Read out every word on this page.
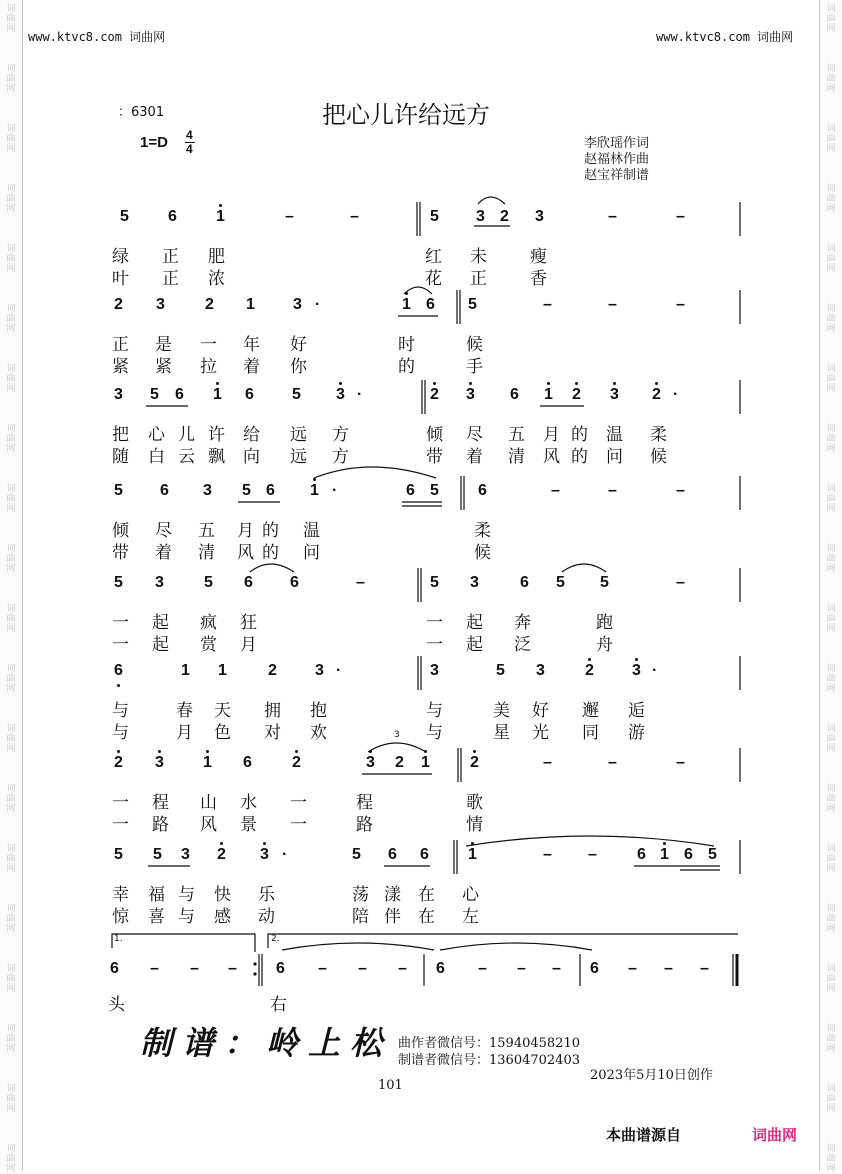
词
曲
网
词
曲
网
词
曲
网
词
曲
网
词
曲
网
词
曲
网
词
曲
网
词
曲
网
词
曲
网
词
曲
网
词
曲
网
词
曲
网
词
曲
网
词
曲
网
词
曲
网
词
曲
网
词
曲
网
词
曲
网
词
曲
网
词
曲
网
词
曲
网
词
曲
网
词
曲
网
词
曲
网
词
曲
网
词
曲
网
词
曲
网
词
曲
网
词
曲
网
词
曲
网
词
曲
网
词
曲
网
词
曲
网
词
曲
网
词
曲
网
词
曲
网
词
曲
网
词
曲
网
词
曲
网
词
曲
网
www.ktvc8.com 词曲网	www.ktvc8.com 词曲网
：6301	把心儿许给远方
1=D 4
4	李欣瑶作词
赵福林作曲
赵宝祥制谱
5 6 1	–	–	5 3 2 3	–	–
绿 正 肥	红 未	瘦
叶 正 浓	花 正	香
2 3	2 1 3 ·	1 6 5	–	–	–
正 是 一 年 好	时	候
紧 紧 拉 着 你	的	手
3 5 6 1 6 5 3 ·	2 3 6 1 2 3 2 ·
把 心 儿 许 给 远 方	倾 尽 五 月 的 温 柔
随 白 云 飘 向 远 方	带 着 清 风 的 问 候
5 6 3 5 6 1 ·	6 5 6	–	–	–
倾 尽 五 月 的 温	柔
带 着 清 风 的 问	候
5 3	5 6 6	–	5 3	6 5 5	–
一 起 疯 狂	一 起 奔	跑
一 起 赏 月	一 起 泛	舟
6	1 1	2 3 ·	3	5 3	2 3 ·
与	春 天 拥 抱	与	美 好 邂 逅
与	月 色 对 欢	与	星 光 同 游
2 3 1 6	2	3 2 1	2	–	–	–
一 程 山 水 一	程	歌
一 路 风 景 一	路	情
5 5 3 2 3 ·	5 6 6 1	– –	6 1 6 5
幸 福 与 快 乐	荡 漾 在 心
惊 喜 与 感 动	陪 伴 在 左
6 – – – 6 – – – 6 – – – 6 – – –
头	右
1.	2.
3
制谱：岭上松 曲作者微信号：15940458210
制谱者微信号：13604702403
2023年5月10日创作
101
本曲谱源自	词曲网
